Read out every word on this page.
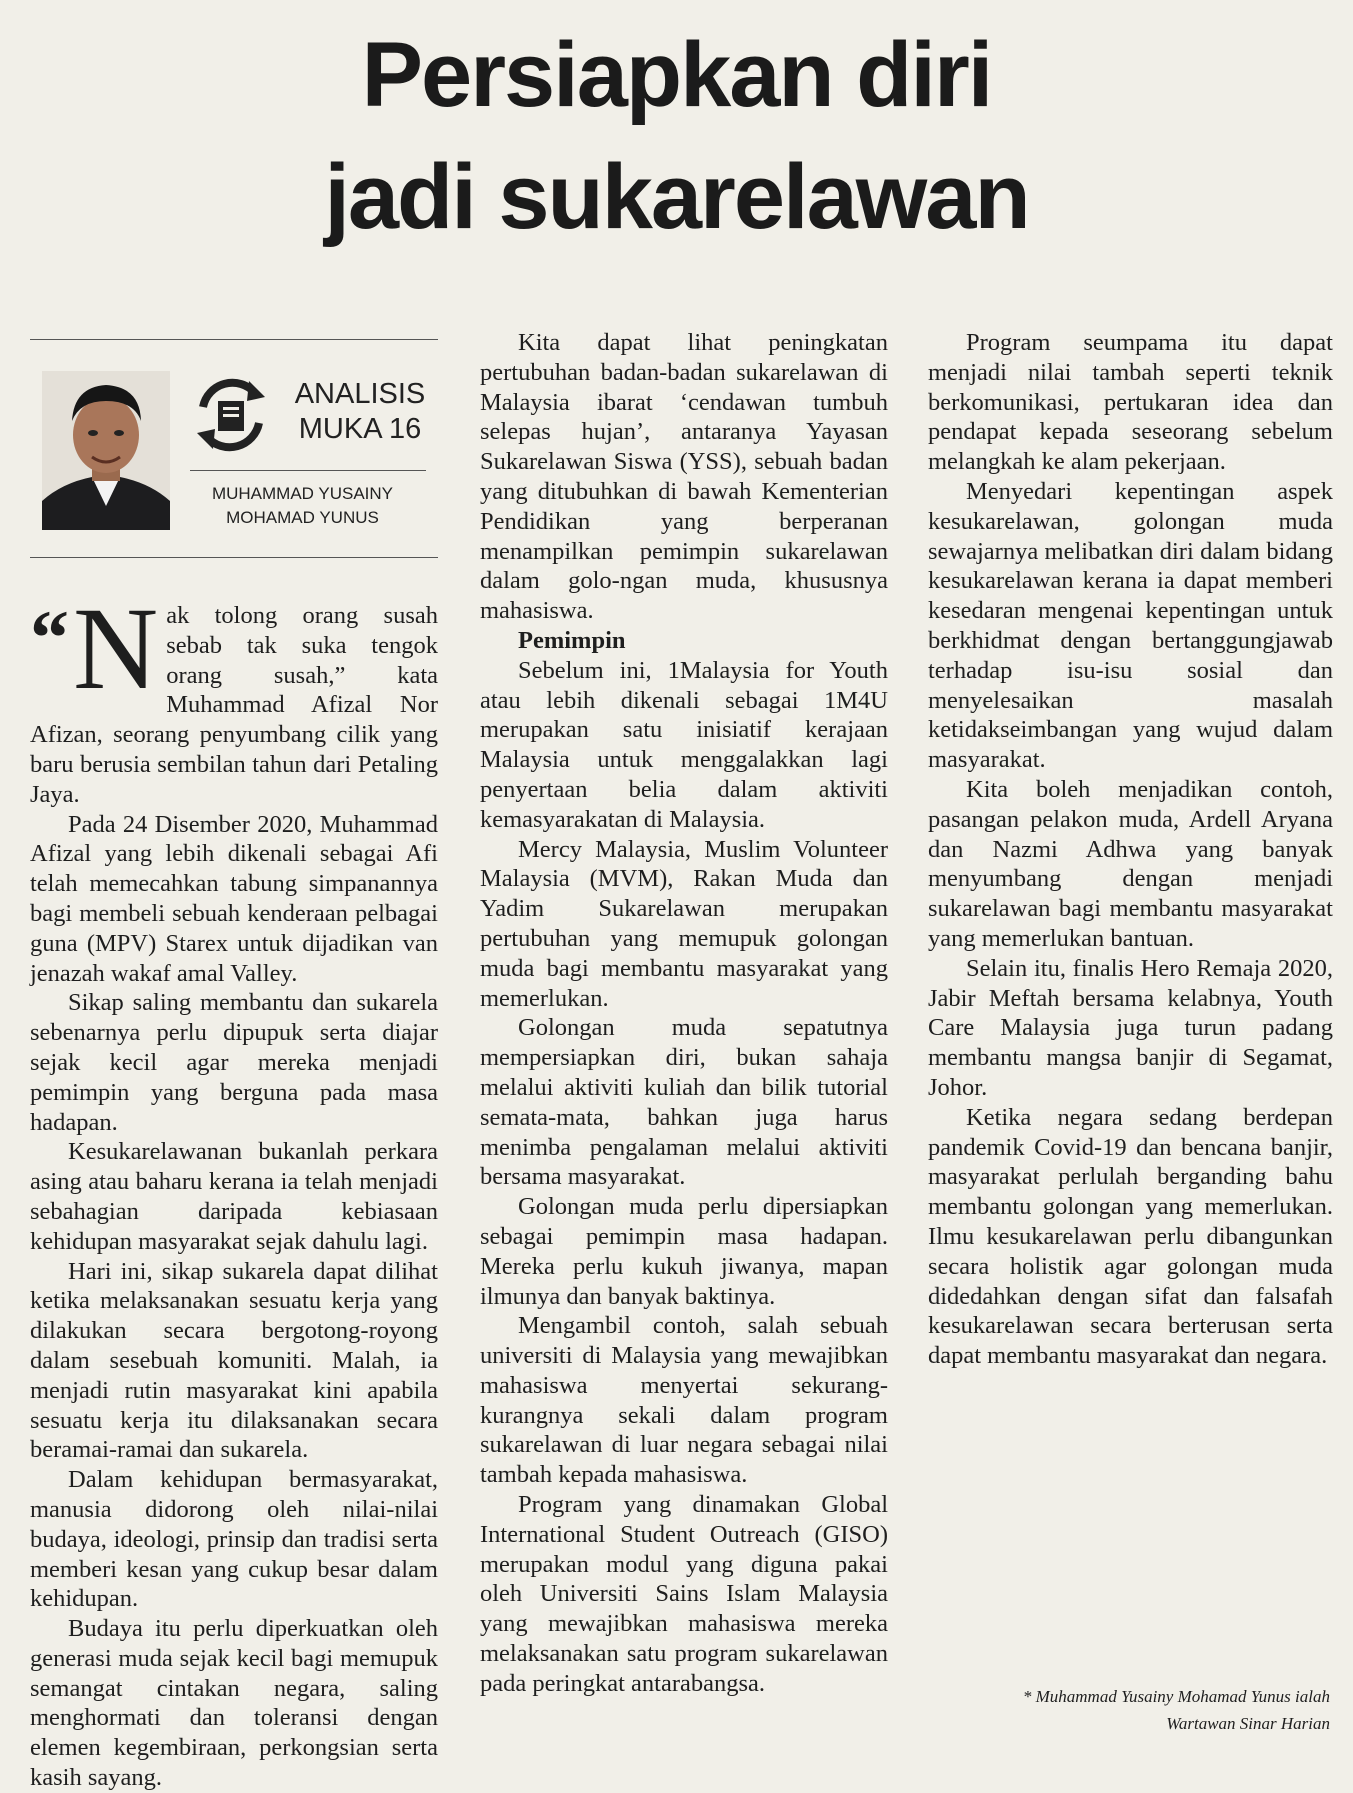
Persiapkan diri
jadi sukarelawan
ANALISIS
MUKA 16
MUHAMMAD YUSAINY
MOHAMAD YUNUS

“ N ak tolong orang susah sebab tak suka tengok orang susah,” kata Muhammad Afizal Nor Afizan, seorang penyumbang cilik yang baru berusia sembilan tahun dari Petaling Jaya.

Pada 24 Disember 2020, Muhammad Afizal yang lebih dikenali sebagai Afi telah memecahkan tabung simpanannya bagi membeli sebuah kenderaan pelbagai guna (MPV) Starex untuk dijadikan van jenazah wakaf amal Valley.

Sikap saling membantu dan sukarela sebenarnya perlu dipupuk serta diajar sejak kecil agar mereka menjadi pemimpin yang berguna pada masa hadapan.

Kesukarelawanan bukanlah perkara asing atau baharu kerana ia telah menjadi sebahagian daripada kebiasaan kehidupan masyarakat sejak dahulu lagi.

Hari ini, sikap sukarela dapat dilihat ketika melaksanakan sesuatu kerja yang dilakukan secara bergotong-royong dalam sesebuah komuniti. Malah, ia menjadi rutin masyarakat kini apabila sesuatu kerja itu dilaksanakan secara beramai-ramai dan sukarela.

Dalam kehidupan bermasyarakat, manusia didorong oleh nilai-nilai budaya, ideologi, prinsip dan tradisi serta memberi kesan yang cukup besar dalam kehidupan.

Budaya itu perlu diperkuatkan oleh generasi muda sejak kecil bagi memupuk semangat cintakan negara, saling menghormati dan toleransi dengan elemen kegembiraan, perkongsian serta kasih sayang.

Kita dapat lihat peningkatan pertubuhan badan-badan sukarelawan di Malaysia ibarat ‘cendawan tumbuh selepas hujan’, antaranya Yayasan Sukarelawan Siswa (YSS), sebuah badan yang ditubuhkan di bawah Kementerian Pendidikan yang berperanan menampilkan pemimpin sukarelawan dalam golo-ngan muda, khususnya mahasiswa.

Pemimpin

Sebelum ini, 1Malaysia for Youth atau lebih dikenali sebagai 1M4U merupakan satu inisiatif kerajaan Malaysia untuk menggalakkan lagi penyertaan belia dalam aktiviti kemasyarakatan di Malaysia.

Mercy Malaysia, Muslim Volunteer Malaysia (MVM), Rakan Muda dan Yadim Sukarelawan merupakan pertubuhan yang memupuk golongan muda bagi membantu masyarakat yang memerlukan.

Golongan muda sepatutnya mempersiapkan diri, bukan sahaja melalui aktiviti kuliah dan bilik tutorial semata-mata, bahkan juga harus menimba pengalaman melalui aktiviti bersama masyarakat.

Golongan muda perlu dipersiapkan sebagai pemimpin masa hadapan. Mereka perlu kukuh jiwanya, mapan ilmunya dan banyak baktinya.

Mengambil contoh, salah sebuah universiti di Malaysia yang mewajibkan mahasiswa menyertai sekurang-kurangnya sekali dalam program sukarelawan di luar negara sebagai nilai tambah kepada mahasiswa.

Program yang dinamakan Global International Student Outreach (GISO) merupakan modul yang diguna pakai oleh Universiti Sains Islam Malaysia yang mewajibkan mahasiswa mereka melaksanakan satu program sukarelawan pada peringkat antarabangsa.

Program seumpama itu dapat menjadi nilai tambah seperti teknik berkomunikasi, pertukaran idea dan pendapat kepada seseorang sebelum melangkah ke alam pekerjaan.

Menyedari kepentingan aspek kesukarelawan, golongan muda sewajarnya melibatkan diri dalam bidang kesukarelawan kerana ia dapat memberi kesedaran mengenai kepentingan untuk berkhidmat dengan bertanggungjawab terhadap isu-isu sosial dan menyelesaikan masalah ketidakseimbangan yang wujud dalam masyarakat.

Kita boleh menjadikan contoh, pasangan pelakon muda, Ardell Aryana dan Nazmi Adhwa yang banyak menyumbang dengan menjadi sukarelawan bagi membantu masyarakat yang memerlukan bantuan.

Selain itu, finalis Hero Remaja 2020, Jabir Meftah bersama kelabnya, Youth Care Malaysia juga turun padang membantu mangsa banjir di Segamat, Johor.

Ketika negara sedang berdepan pandemik Covid-19 dan bencana banjir, masyarakat perlulah berganding bahu membantu golongan yang memerlukan. Ilmu kesukarelawan perlu dibangunkan secara holistik agar golongan muda didedahkan dengan sifat dan falsafah kesukarelawan secara berterusan serta dapat membantu masyarakat dan negara.

* Muhammad Yusainy Mohamad Yunus ialah
Wartawan Sinar Harian
